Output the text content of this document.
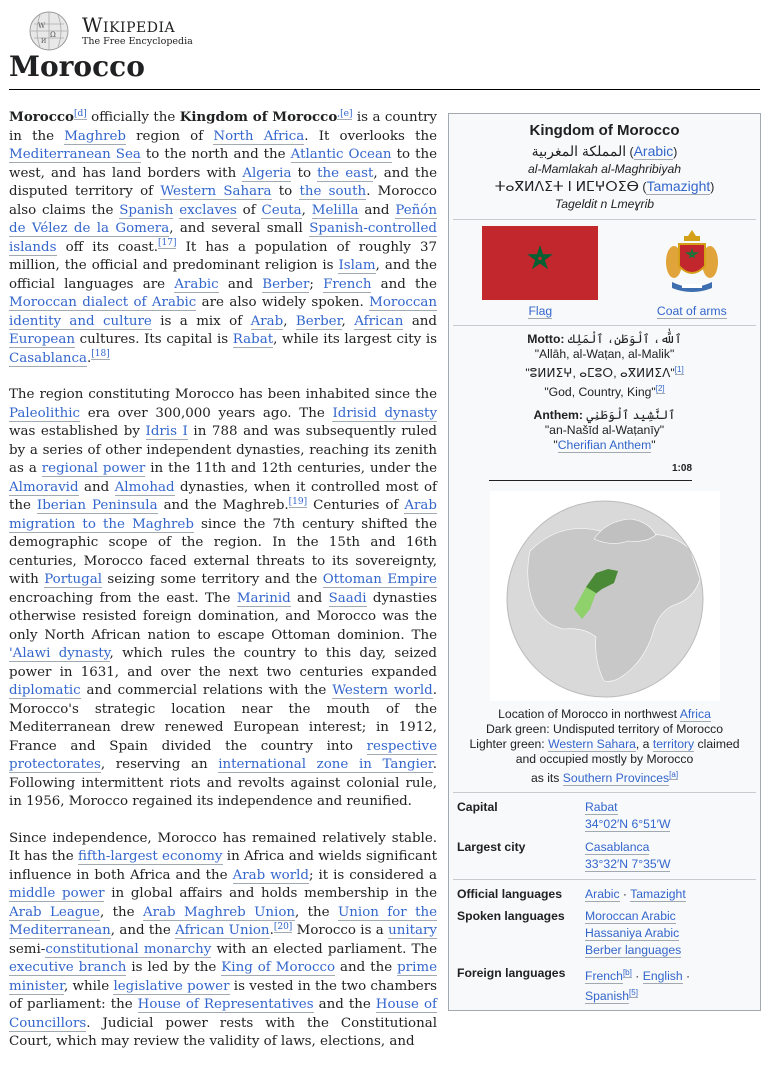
W
Ω
И
Wikipedia
The Free Encyclopedia
Morocco

Morocco[d] officially the Kingdom of Morocco$^{,[e]}$ is a country in the Maghreb region of North Africa. It overlooks the Mediterranean Sea to the north and the Atlantic Ocean to the west, and has land borders with Algeria to the east, and the disputed territory of Western Sahara to the south. Morocco also claims the Spanish exclaves of Ceuta, Melilla and Peñón de Vélez de la Gomera, and several small Spanish-controlled islands off its coast.[17] It has a population of roughly 37 million, the official and predominant religion is Islam, and the official languages are Arabic and Berber; French and the Moroccan dialect of Arabic are also widely spoken. Moroccan identity and culture is a mix of Arab, Berber, African and European cultures. Its capital is Rabat, while its largest city is Casablanca.[18]

The region constituting Morocco has been inhabited since the Paleolithic era over 300,000 years ago. The Idrisid dynasty was established by Idris I in 788 and was subsequently ruled by a series of other independent dynasties, reaching its zenith as a regional power in the 11th and 12th centuries, under the Almoravid and Almohad dynasties, when it controlled most of the Iberian Peninsula and the Maghreb.[19] Centuries of Arab migration to the Maghreb since the 7th century shifted the demographic scope of the region. In the 15th and 16th centuries, Morocco faced external threats to its sovereignty, with Portugal seizing some territory and the Ottoman Empire encroaching from the east. The Marinid and Saadi dynasties otherwise resisted foreign domination, and Morocco was the only North African nation to escape Ottoman dominion. The 'Alawi dynasty, which rules the country to this day, seized power in 1631, and over the next two centuries expanded diplomatic and commercial relations with the Western world. Morocco's strategic location near the mouth of the Mediterranean drew renewed European interest; in 1912, France and Spain divided the country into respective protectorates, reserving an international zone in Tangier. Following intermittent riots and revolts against colonial rule, in 1956, Morocco regained its independence and reunified.

Since independence, Morocco has remained relatively stable. It has the fifth-largest economy in Africa and wields significant influence in both Africa and the Arab world; it is considered a middle power in global affairs and holds membership in the Arab League, the Arab Maghreb Union, the Union for the Mediterranean, and the African Union.[20] Morocco is a unitary semi-constitutional monarchy with an elected parliament. The executive branch is led by the King of Morocco and the prime minister, while legislative power is vested in the two chambers of parliament: the House of Representatives and the House of Councillors. Judicial power rests with the Constitutional Court, which may review the validity of laws, elections, and

Kingdom of Morocco
المملكة المغربية (Arabic)
al-Mamlakah al-Maghribiyah
ⵜⴰⴳⵍⴷⵉⵜ ⵏ ⵍⵎⵖⵔⵉⴱ (Tamazight)
Tageldit n Lmeɣrib
Flag	Coat of arms
Motto: ٱللَّٰه، ٱلْوَطَن، ٱلْمَلِك
"Allāh, al-Waṭan, al-Malik"
"ⵓⵍⵍⵉⵖ, ⴰⵎⵓⵔ, ⴰⴳⵍⵍⵉⴷ"[1]
"God, Country, King"[2]
Anthem: ٱلنَّشِيد ٱلْوَطَنِي
"an-Našīd al-Waṭanīy"
"Cherifian Anthem"
1:08
Location of Morocco in northwest Africa
Dark green: Undisputed territory of Morocco
Lighter green: Western Sahara, a territory claimed
and occupied mostly by Morocco
as its Southern Provinces[a]
Capital	Rabat
34°02′N 6°51′W
Largest city	Casablanca
33°32′N 7°35′W
Official languages	Arabic · Tamazight
Spoken languages	Moroccan Arabic
Hassaniya Arabic
Berber languages
Foreign languages	French[b] · English ·
Spanish[5]
